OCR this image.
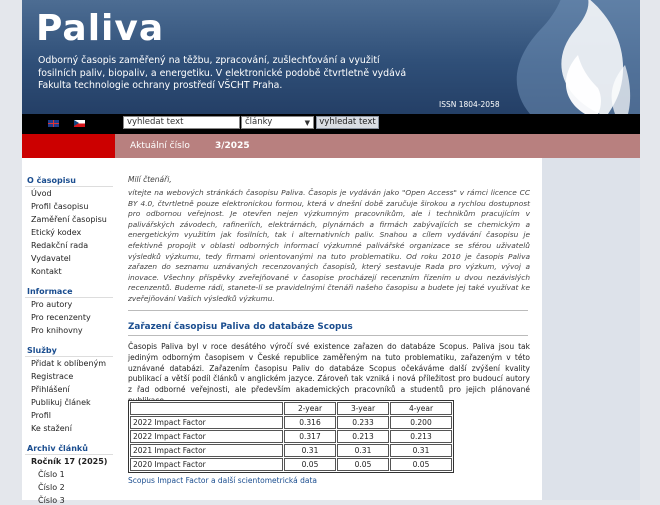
Paliva
Odborný časopis zaměřený na těžbu, zpracování, zušlechťování a využití fosilních paliv, biopaliv, a energetiku. V elektronické podobě čtvrtletně vydává Fakulta technologie ochrany prostředí VŠCHT Praha.
ISSN 1804-2058
vyhledat text	články	▼	vyhledat text
Aktuální číslo	3/2025
O časopisu
Úvod
Profil časopisu
Zaměření časopisu
Etický kodex
Redakční rada
Vydavatel
Kontakt
Informace
Pro autory
Pro recenzenty
Pro knihovny
Služby
Přidat k oblíbeným
Registrace
Přihlášení
Publikuj článek
Profil
Ke stažení
Archiv článků
Ročník 17 (2025)
Číslo 1
Číslo 2
Číslo 3
Milí čtenáři,
vítejte na webových stránkách časopisu Paliva. Časopis je vydáván jako "Open Access" v rámci licence CC BY 4.0, čtvrtletně pouze elektronickou formou, která v dnešní době zaručuje širokou a rychlou dostupnost pro odbornou veřejnost. Je otevřen nejen výzkumným pracovníkům, ale i technikům pracujícím v palivářských závodech, rafineriích, elektrárnách, plynárnách a firmách zabývajících se chemickým a energetickým využitím jak fosilních, tak i alternativních paliv. Snahou a cílem vydávání časopisu je efektivně propojit v oblasti odborných informací výzkumné palivářské organizace se sférou uživatelů výsledků výzkumu, tedy firmami orientovanými na tuto problematiku. Od roku 2010 je časopis Paliva zařazen do seznamu uznávaných recenzovaných časopisů, který sestavuje Rada pro výzkum, vývoj a inovace. Všechny příspěvky zveřejňované v časopise procházejí recenzním řízením u dvou nezávislých recenzentů. Budeme rádi, stanete-li se pravidelnými čtenáři našeho časopisu a budete jej také využívat ke zveřejňování Vašich výsledků výzkumu.
Zařazení časopisu Paliva do databáze Scopus
Časopis Paliva byl v roce desátého výročí své existence zařazen do databáze Scopus. Paliva jsou tak jediným odborným časopisem v České republice zaměřeným na tuto problematiku, zařazeným v této uznávané databázi. Zařazením časopisu Paliv do databáze Scopus očekáváme další zvýšení kvality publikací a větší podíl článků v anglickém jazyce. Zároveň tak vzniká i nová příležitost pro budoucí autory z řad odborné veřejnosti, ale především akademických pracovníků a studentů pro jejich plánované
	2-year	3-year	4-year
2022 Impact Factor	0.316	0.233	0.200
2022 Impact Factor	0.317	0.213	0.213
2021 Impact Factor	0.31	0.31	0.31
2020 Impact Factor	0.05	0.05	0.05
Scopus Impact Factor a další scientometrická data
